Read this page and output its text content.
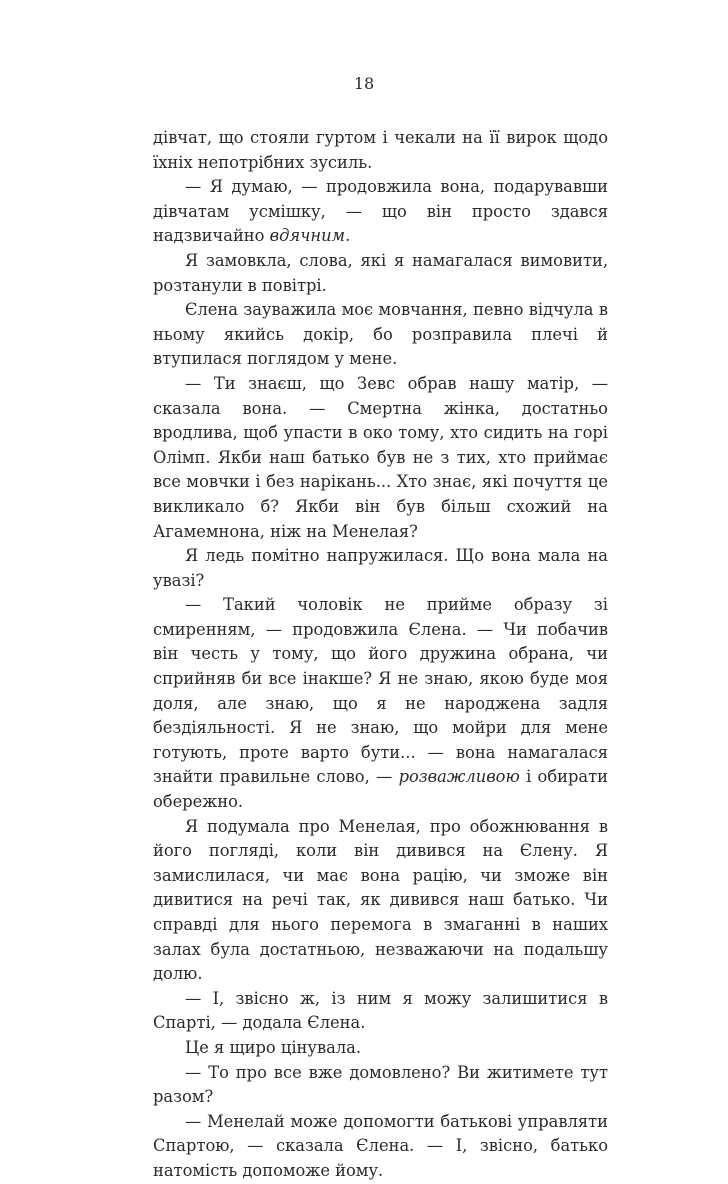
18

дівчат, що стояли гуртом і чекали на її вирок щодо їхніх непотрібних зусиль.

— Я думаю, — продовжила вона, подарувавши дівчатам усмішку, — що він просто здався надзвичайно вдячним.

Я замовкла, слова, які я намагалася вимовити, розтанули в повітрі.

Єлена зауважила моє мовчання, певно відчула в ньому якийсь докір, бо розправила плечі й втупилася поглядом у мене.

— Ти знаєш, що Зевс обрав нашу матір, — сказала вона. — Смертна жінка, достатньо вродлива, щоб упасти в око тому, хто сидить на горі Олімп. Якби наш батько був не з тих, хто приймає все мовчки і без нарікань... Хто знає, які почуття це викликало б? Якби він був більш схожий на Агамемнона, ніж на Менелая?

Я ледь помітно напружилася. Що вона мала на увазі?

— Такий чоловік не прийме образу зі смиренням, — продовжила Єлена. — Чи побачив він честь у тому, що його дружина обрана, чи сприйняв би все інакше? Я не знаю, якою буде моя доля, але знаю, що я не народжена задля бездіяльності. Я не знаю, що мойри для мене готують, проте варто бути... — вона намагалася знайти правильне слово, — розважливою і обирати обережно.

Я подумала про Менелая, про обожнювання в його погляді, коли він дивився на Єлену. Я замислилася, чи має вона рацію, чи зможе він дивитися на речі так, як дивився наш батько. Чи справді для нього перемога в змаганні в наших залах була достатньою, незважаючи на подальшу долю.

— І, звісно ж, із ним я можу залишитися в Спарті, — додала Єлена.

Це я щиро цінувала.

— То про все вже домовлено? Ви житимете тут разом?

— Менелай може допомогти батькові управляти Спартою, — сказала Єлена. — І, звісно, батько натомість допоможе йому.
